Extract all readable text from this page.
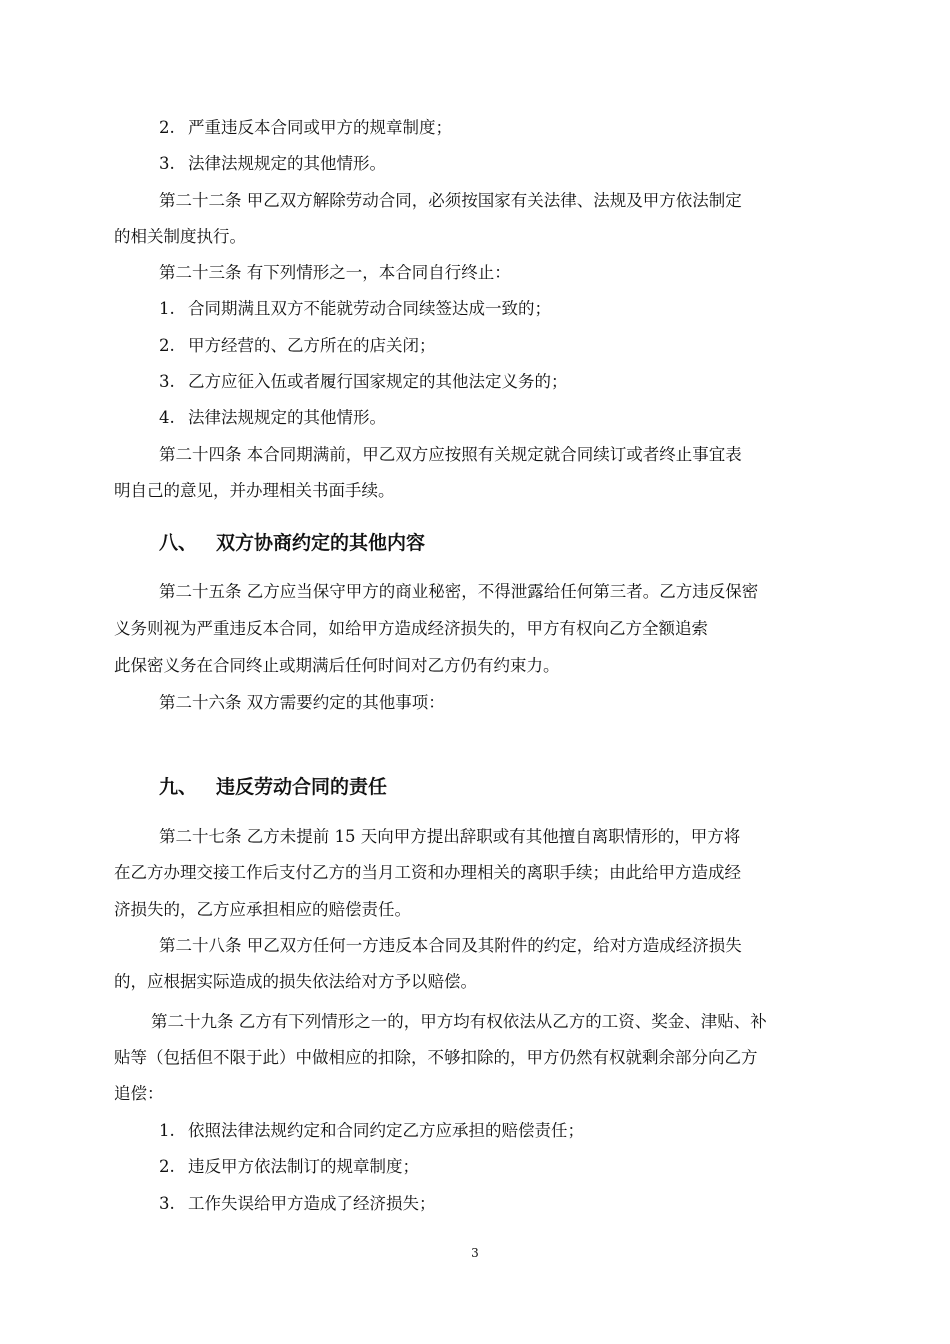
2. 严重违反本合同或甲方的规章制度；
3. 法律法规规定的其他情形。

第二十二条 甲乙双方解除劳动合同，必须按国家有关法律、法规及甲方依法制定

的相关制度执行。

第二十三条 有下列情形之一，本合同自行终止：

1. 合同期满且双方不能就劳动合同续签达成一致的；
2. 甲方经营的、乙方所在的店关闭；
3. 乙方应征入伍或者履行国家规定的其他法定义务的；
4. 法律法规规定的其他情形。

第二十四条 本合同期满前，甲乙双方应按照有关规定就合同续订或者终止事宜表

明自己的意见，并办理相关书面手续。

八、 双方协商约定的其他内容

第二十五条 乙方应当保守甲方的商业秘密，不得泄露给任何第三者。乙方违反保密

义务则视为严重违反本合同，如给甲方造成经济损失的，甲方有权向乙方全额追索

此保密义务在合同终止或期满后任何时间对乙方仍有约束力。

第二十六条 双方需要约定的其他事项：

九、 违反劳动合同的责任

第二十七条 乙方未提前 15 天向甲方提出辞职或有其他擅自离职情形的，甲方将

在乙方办理交接工作后支付乙方的当月工资和办理相关的离职手续；由此给甲方造成经

济损失的，乙方应承担相应的赔偿责任。

第二十八条 甲乙双方任何一方违反本合同及其附件的约定，给对方造成经济损失

的，应根据实际造成的损失依法给对方予以赔偿。

第二十九条 乙方有下列情形之一的，甲方均有权依法从乙方的工资、奖金、津贴、补

贴等（包括但不限于此）中做相应的扣除，不够扣除的，甲方仍然有权就剩余部分向乙方

追偿：

1. 依照法律法规约定和合同约定乙方应承担的赔偿责任；
2. 违反甲方依法制订的规章制度；
3. 工作失误给甲方造成了经济损失；
3
